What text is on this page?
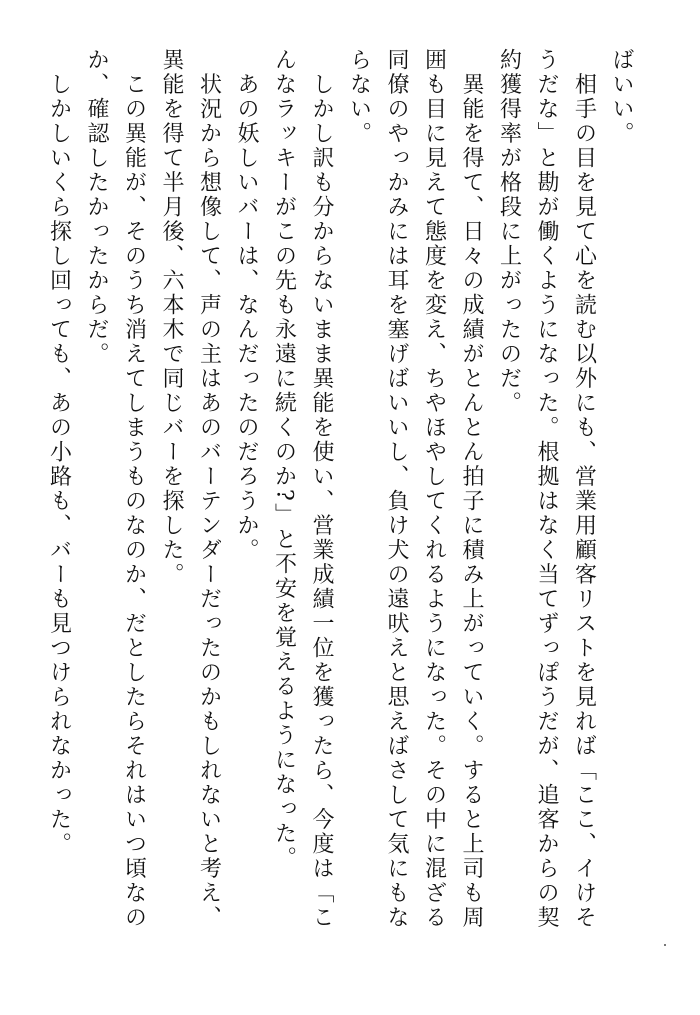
ばいい。

　相手の目を見て心を読む以外にも、営業用顧客リストを見れば「ここ、イけそうだな」と勘が働くようになった。根拠はなく当てずっぽうだが、追客からの契約獲得率が格段に上がったのだ。

　異能を得て、日々の成績がとんとん拍子に積み上がっていく。すると上司も周囲も目に見えて態度を変え、ちやほやしてくれるようになった。その中に混ざる同僚のやっかみには耳を塞げばいいし、負け犬の遠吠えと思えばさして気にもならない。

　しかし訳も分からないまま異能を使い、営業成績一位を獲ったら、今度は「こんなラッキーがこの先も永遠に続くのか?」と不安を覚えるようになった。

　あの妖しいバーは、なんだったのだろうか。

　状況から想像して、声の主はあのバーテンダーだったのかもしれないと考え、異能を得て半月後、六本木で同じバーを探した。

　この異能が、そのうち消えてしまうものなのか、だとしたらそれはいつ頃なのか、確認したかったからだ。

　しかしいくら探し回っても、あの小路も、バーも見つけられなかった。
